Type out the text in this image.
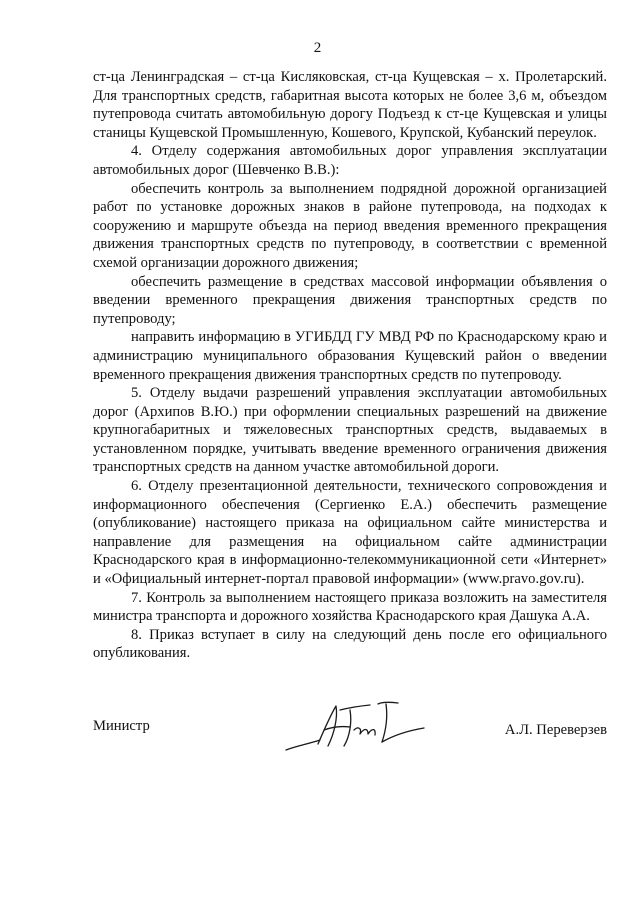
2

ст-ца Ленинградская – ст-ца Кисляковская, ст-ца Кущевская – х. Пролетарский. Для транспортных средств, габаритная высота которых не более 3,6 м, объездом путепровода считать автомобильную дорогу Подъезд к ст-це Кущевская и улицы станицы Кущевской Промышленную, Кошевого, Крупской, Кубанский переулок.

4. Отделу содержания автомобильных дорог управления эксплуатации автомобильных дорог (Шевченко В.В.):

обеспечить контроль за выполнением подрядной дорожной организацией работ по установке дорожных знаков в районе путепровода, на подходах к сооружению и маршруте объезда на период введения временного прекращения движения транспортных средств по путепроводу, в соответствии с временной схемой организации дорожного движения;

обеспечить размещение в средствах массовой информации объявления о введении временного прекращения движения транспортных средств по путепроводу;

направить информацию в УГИБДД ГУ МВД РФ по Краснодарскому краю и администрацию муниципального образования Кущевский район о введении временного прекращения движения транспортных средств по путепроводу.

5. Отделу выдачи разрешений управления эксплуатации автомобильных дорог (Архипов В.Ю.) при оформлении специальных разрешений на движение крупногабаритных и тяжеловесных транспортных средств, выдаваемых в установленном порядке, учитывать введение временного ограничения движения транспортных средств на данном участке автомобильной дороги.

6. Отделу презентационной деятельности, технического сопровождения и информационного обеспечения (Сергиенко Е.А.) обеспечить размещение (опубликование) настоящего приказа на официальном сайте министерства и направление для размещения на официальном сайте администрации Краснодарского края в информационно-телекоммуникационной сети «Интернет» и «Официальный интернет-портал правовой информации» (www.pravo.gov.ru).

7. Контроль за выполнением настоящего приказа возложить на заместителя министра транспорта и дорожного хозяйства Краснодарского края Дашука А.А.

8. Приказ вступает в силу на следующий день после его официального опубликования.

Министр	А.Л. Переверзев
